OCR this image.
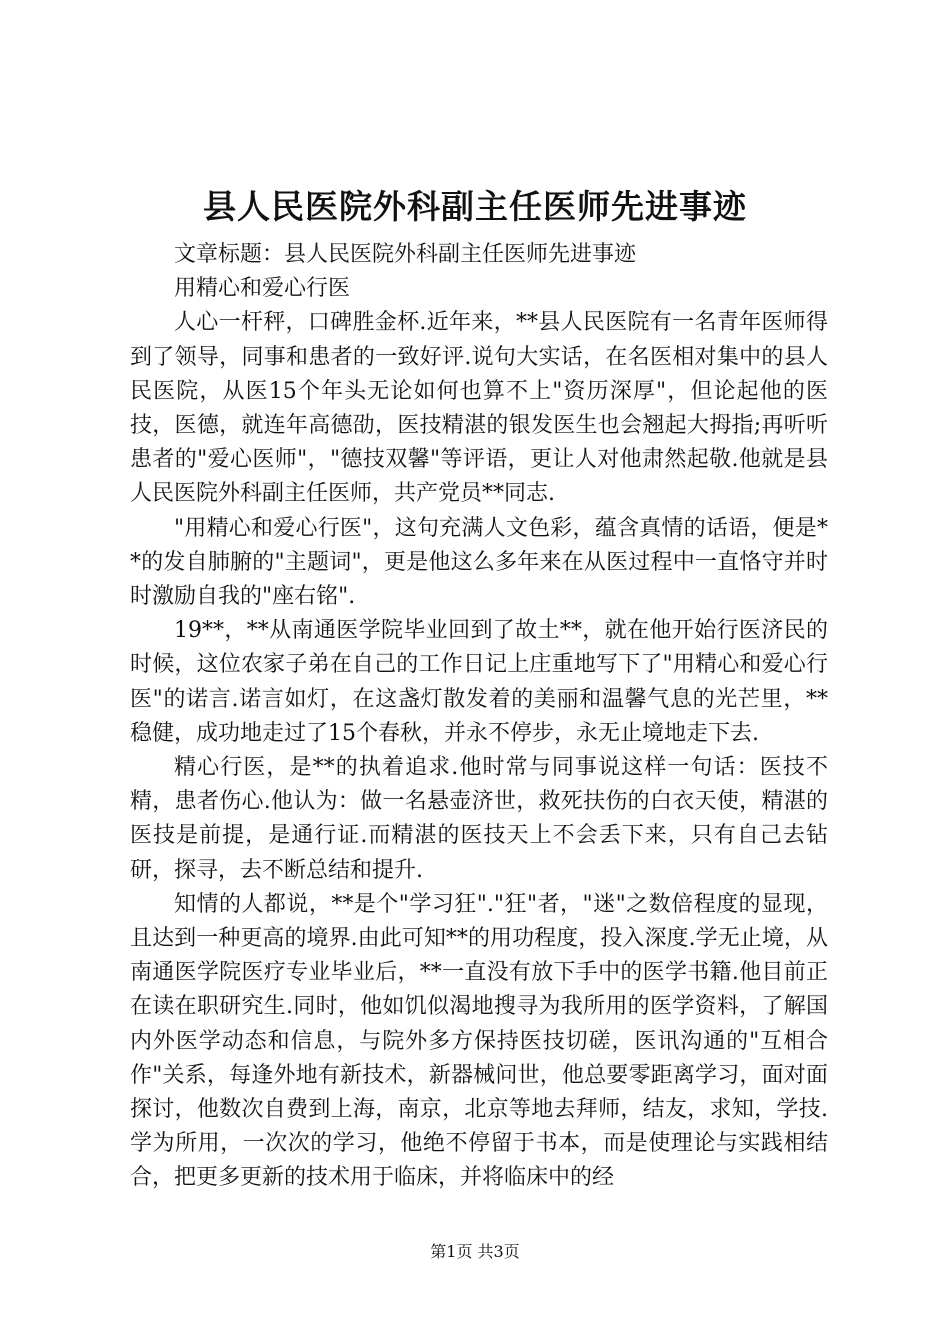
县人民医院外科副主任医师先进事迹

文章标题：县人民医院外科副主任医师先进事迹

用精心和爱心行医

人心一杆秤，口碑胜金杯.近年来，**县人民医院有一名青年医师得到了领导，同事和患者的一致好评.说句大实话，在名医相对集中的县人民医院，从医15个年头无论如何也算不上"资历深厚"，但论起他的医技，医德，就连年高德劭，医技精湛的银发医生也会翘起大拇指;再听听患者的"爱心医师"，"德技双馨"等评语，更让人对他肃然起敬.他就是县人民医院外科副主任医师，共产党员**同志.

"用精心和爱心行医"，这句充满人文色彩，蕴含真情的话语，便是**的发自肺腑的"主题词"，更是他这么多年来在从医过程中一直恪守并时时激励自我的"座右铭".

19**，**从南通医学院毕业回到了故土**，就在他开始行医济民的时候，这位农家子弟在自己的工作日记上庄重地写下了"用精心和爱心行医"的诺言.诺言如灯，在这盏灯散发着的美丽和温馨气息的光芒里，**稳健，成功地走过了15个春秋，并永不停步，永无止境地走下去.

精心行医，是**的执着追求.他时常与同事说这样一句话：医技不精，患者伤心.他认为：做一名悬壶济世，救死扶伤的白衣天使，精湛的医技是前提，是通行证.而精湛的医技天上不会丢下来，只有自己去钻研，探寻，去不断总结和提升.

知情的人都说，**是个"学习狂"."狂"者，"迷"之数倍程度的显现，且达到一种更高的境界.由此可知**的用功程度，投入深度.学无止境，从南通医学院医疗专业毕业后，**一直没有放下手中的医学书籍.他目前正在读在职研究生.同时，他如饥似渴地搜寻为我所用的医学资料，了解国内外医学动态和信息，与院外多方保持医技切磋，医讯沟通的"互相合作"关系，每逢外地有新技术，新器械问世，他总要零距离学习，面对面探讨，他数次自费到上海，南京，北京等地去拜师，结友，求知，学技.学为所用，一次次的学习，他绝不停留于书本，而是使理论与实践相结合，把更多更新的技术用于临床，并将临床中的经

第1页 共3页
